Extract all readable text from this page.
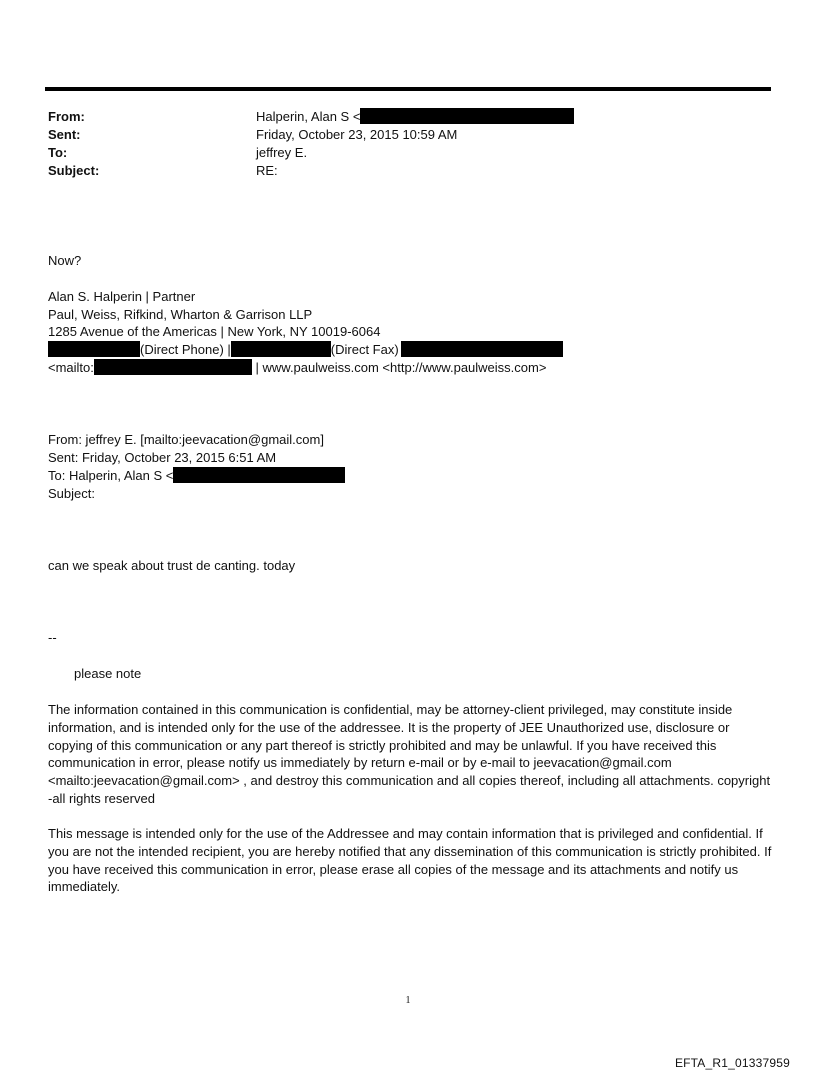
From:	Halperin, Alan S <
Sent:	Friday, October 23, 2015 10:59 AM
To:	jeffrey E.
Subject:	RE:
Now?
Alan S. Halperin | Partner
Paul, Weiss, Rifkind, Wharton & Garrison LLP
1285 Avenue of the Americas | New York, NY 10019-6064
(Direct Phone) |	(Direct Fax)
<mailto:	| www.paulweiss.com <http://www.paulweiss.com>
From: jeffrey E. [mailto:jeevacation@gmail.com]
Sent: Friday, October 23, 2015 6:51 AM
To: Halperin, Alan S <
Subject:
can we speak about trust de canting. today
--
please note
The information contained in this communication is confidential, may be attorney-client privileged, may constitute inside information, and is intended only for the use of the addressee. It is the property of JEE Unauthorized use, disclosure or copying of this communication or any part thereof is strictly prohibited and may be unlawful. If you have received this communication in error, please notify us immediately by return e-mail or by e-mail to jeevacation@gmail.com <mailto:jeevacation@gmail.com> , and destroy this communication and all copies thereof, including all attachments. copyright -all rights reserved
This message is intended only for the use of the Addressee and may contain information that is privileged and confidential. If you are not the intended recipient, you are hereby notified that any dissemination of this communication is strictly prohibited. If you have received this communication in error, please erase all copies of the message and its attachments and notify us immediately.
1
EFTA_R1_01337959
